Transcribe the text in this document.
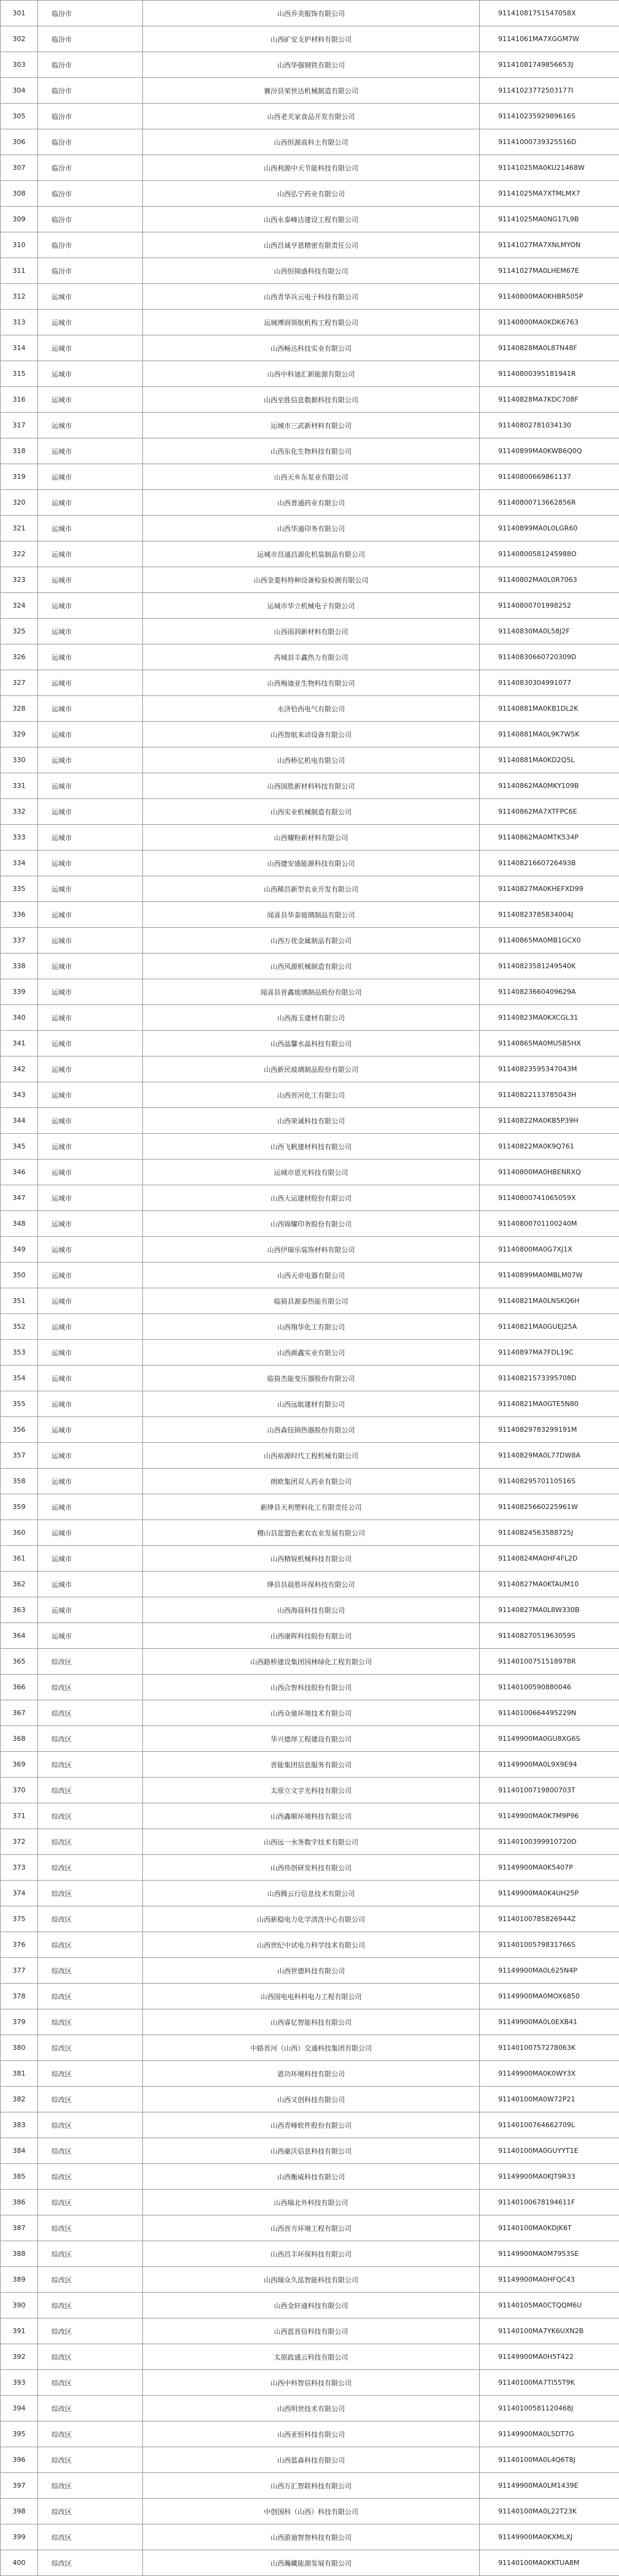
301	临汾市	山西乔美服饰有限公司	91141081751547058X
302	临汾市	山西矿安支护材料有限公司	91141061MA7XGGM7W
303	临汾市	山西华强钢铁有限公司	91141081749856653J
304	临汾市	襄汾县荣世达机械制造有限公司	91141023772503177I
305	临汾市	山西老关家食品开发有限公司	91141023592989616S
306	临汾市	山西恒源高科土有限公司	91141000739325516D
307	临汾市	山西利源中天节能科技有限公司	91141025MA0KU21468W
308	临汾市	山西弘宁药业有限公司	91141025MA7XTMLMX7
309	临汾市	山西永泰峰达建设工程有限公司	91141025MA0NG17L9B
310	临汾市	山西昌诚亨恩精密有限责任公司	91141027MA7XNLMYON
311	临汾市	山西恒锦盛科技有限公司	91141027MA0LHEM67E
312	运城市	山西青华兵云电子科技有限公司	91140800MA0KHBR505P
313	运城市	运城博润领航机构工程有限公司	91140800MA0KDK6763
314	运城市	山西畅达科技实业有限公司	91140828MA0L87N48F
315	运城市	山西中科迪汇新能源有限公司	91140800395181941R
316	运城市	山西至胜信息数据科技有限公司	91140828MA7KDC708F
317	运城市	运城市三武新材料有限公司	91140802781034130
318	运城市	山西东化生物科技有限公司	91140899MA0KWB6Q0Q
319	运城市	山西天乡东泵业有限公司	91140800669861137
320	运城市	山西普通药业有限公司	91140800713662856R
321	运城市	山西华通印务有限公司	91140899MA0L0LGR60
322	运城市	运城市昌通昌源化机装制品有限公司	91140800581245988O
323	运城市	山西金菱科特种设备检验检测有限公司	91140802MA0L0R7063
324	运城市	运城市华立机械电子有限公司	91140800701998252
325	运城市	山西雨润新材料有限公司	91140830MA0L58J2F
326	运城市	芮城县丰鑫热力有限公司	91140830660720309D
327	运城市	山西梅迪亚生物科技有限公司	91140830304991077
328	运城市	永济恰西电气有限公司	91140881MA0KB1DL2K
329	运城市	山西智航来动设备有限公司	91140881MA0L9K7W5K
330	运城市	山西桥亿机电有限公司	91140881MA0KD2Q5L
331	运城市	山西国胜新材料科技有限公司	91140862MA0MKY109B
332	运城市	山西实业机械制造有限公司	91140862MA7XTFPC6E
333	运城市	山西耀粉新材料有限公司	91140862MA0MTK534P
334	运城市	山西捷安盛能源科技有限公司	91140821660726493B
335	运城市	山西稀昌新型农业开发有限公司	91140827MA0KHEFXD99
336	运城市	闻喜县华泰玻璃制品有限公司	91140823785834004J
337	运城市	山西万优金属制品有限公司	91140865MA0MB1GCX0
338	运城市	山西风源机械制造有限公司	91140823581249540K
339	运城市	闻喜县晋鑫玻璃制品股份有限公司	91140823660409629A
340	运城市	山西海玉建材有限公司	91140823MA0KXCGL31
341	运城市	山西晶馨水晶科技有限公司	91140865MA0MU5B5HX
342	运城市	山西新民玻璃制品股份有限公司	91140823595347043M
343	运城市	山西晋河化工有限公司	91140822113785043H
344	运城市	山西荣诚科技有限公司	91140822MA0KB5P39H
345	运城市	山西飞帆建材科技有限公司	91140822MA0K9Q761
346	运城市	运城市恩光科技有限公司	91140800MA0HBENRXQ
347	运城市	山西大运建材股份有限公司	91140800741065059X
348	运城市	山西锦耀印务股份有限公司	91140800701100240M
349	运城市	山西伊瑞乐装饰材料有限公司	91140800MA0G7XJ1X
350	运城市	山西天帝电器有限公司	91140899MA0MBLM07W
351	运城市	临猗县源泰热能有限公司	91140821MA0LNSKQ6H
352	运城市	山西翔华化工有限公司	91140821MA0GUEJ25A
353	运城市	山西颜鑫实业有限公司	91140897MA7FDL19C
354	运城市	临猗杰能变压器股份有限公司	91140821573395708D
355	运城市	山西远航建材有限公司	91140821MA0GTE5N80
356	运城市	山西森钰锦热器股份有限公司	91140829783299191M
357	运城市	山西裕源时代工程机械有限公司	91140829MA0L77DW8A
358	运城市	朗欧集团双人药业有限公司	91140829570110516S
359	运城市	新绛县天利塑料化工有限责任公司	91140825660225961W
360	运城市	稷山县蓝盟色素农农业发展有限公司	91140824563588725J
361	运城市	山西精锐机械科技有限公司	91140824MA0HF4FL2D
362	运城市	绛县县晨胜环保科技有限公司	91140827MA0KTAUM10
363	运城市	山西海晨科技有限公司	91140827MA0L8W330B
364	运城市	山西康晖科技股份有限公司	91140827051963059S
365	综改区	山西路桥建设集团园林绿化工程有限公司	91140100751518978R
366	综改区	山西合智科技股份有限公司	91140100590880046
367	综改区	山西众驰环境技术有限公司	91140100664495229N
368	综改区	华兴德厚工程建设有限公司	91149900MA0GU8XG6S
369	综改区	晋能集团信息服务有限公司	91149900MA0L9X9E94
370	综改区	太原立文字光科技有限公司	91140100719800703T
371	综改区	山西鑫顺环境科技有限公司	91149900MA0K7M9P96
372	综改区	山西远一水务数字技术有限公司	91140100399910720O
373	综改区	山西伟创研发科技有限公司	91149900MA0K5407P
374	综改区	山西腾云行信息技术有限公司	91149900MA0K4UH25P
375	综改区	山西新稳电力化学清洗中心有限公司	91140100785826944Z
376	综改区	山西世纪中试电力科学技术有限公司	91140100579831766S
377	综改区	山西世德科技有限公司	91149900MA0L625N4P
378	综改区	山西国电电科科电力工程有限公司	91149900MA0MOX6850
379	综改区	山西睿亿智能科技有限公司	91149900MA0L0EXB41
380	综改区	中路晋河（山西）交通科技集团有限公司	91140100757278063K
381	综改区	恩功环境科技有限公司	91149900MA0K0WY3X
382	综改区	山西又创科技有限公司	91140100MA0W72P21
383	综改区	山西青峰软件股份有限公司	91140100764662709L
384	综改区	山西豪沃信息科技有限公司	91140100MA0GUYYT1E
385	综改区	山西衡威科技有限公司	91149900MA0KJT9R33
386	综改区	山西瑞北外科技有限公司	91140100678194611F
387	综改区	山西晋方环境工程有限公司	91140100MA0KDJK6T
388	综改区	山西昌丰环保科技有限公司	91149900MA0M7953SE
389	综改区	山西瑞众久泓智能科技有限公司	91149900MA0HFQC43
390	综改区	山西金轩通科技有限公司	91140105MA0CTQQM6U
391	综改区	山西蓝晋信科技有限公司	91140100MA7YK6UXN2B
392	综改区	太原政通云科技有限公司	91149900MA0H5T422
393	综改区	山西中科智信科技有限公司	91140100MA7TI55T9K
394	综改区	山西明世技术有限公司	91140100581120468J
395	综改区	山西亚恒科技有限公司	91149900MA0L5DT7G
396	综改区	山西蓝森科技有限公司	91140100MA0L4Q6T8J
397	综改区	山西万汇智联科技有限公司	91149900MA0LM1439E
398	综改区	中创国科（山西）科技有限公司	91140100MA0L22T23K
399	综改区	山西游迪智智科技有限公司	91149900MA0KXMLXJ
400	综改区	山西瀚藏能源发展有限公司	91140100MA0KKTUA8M
